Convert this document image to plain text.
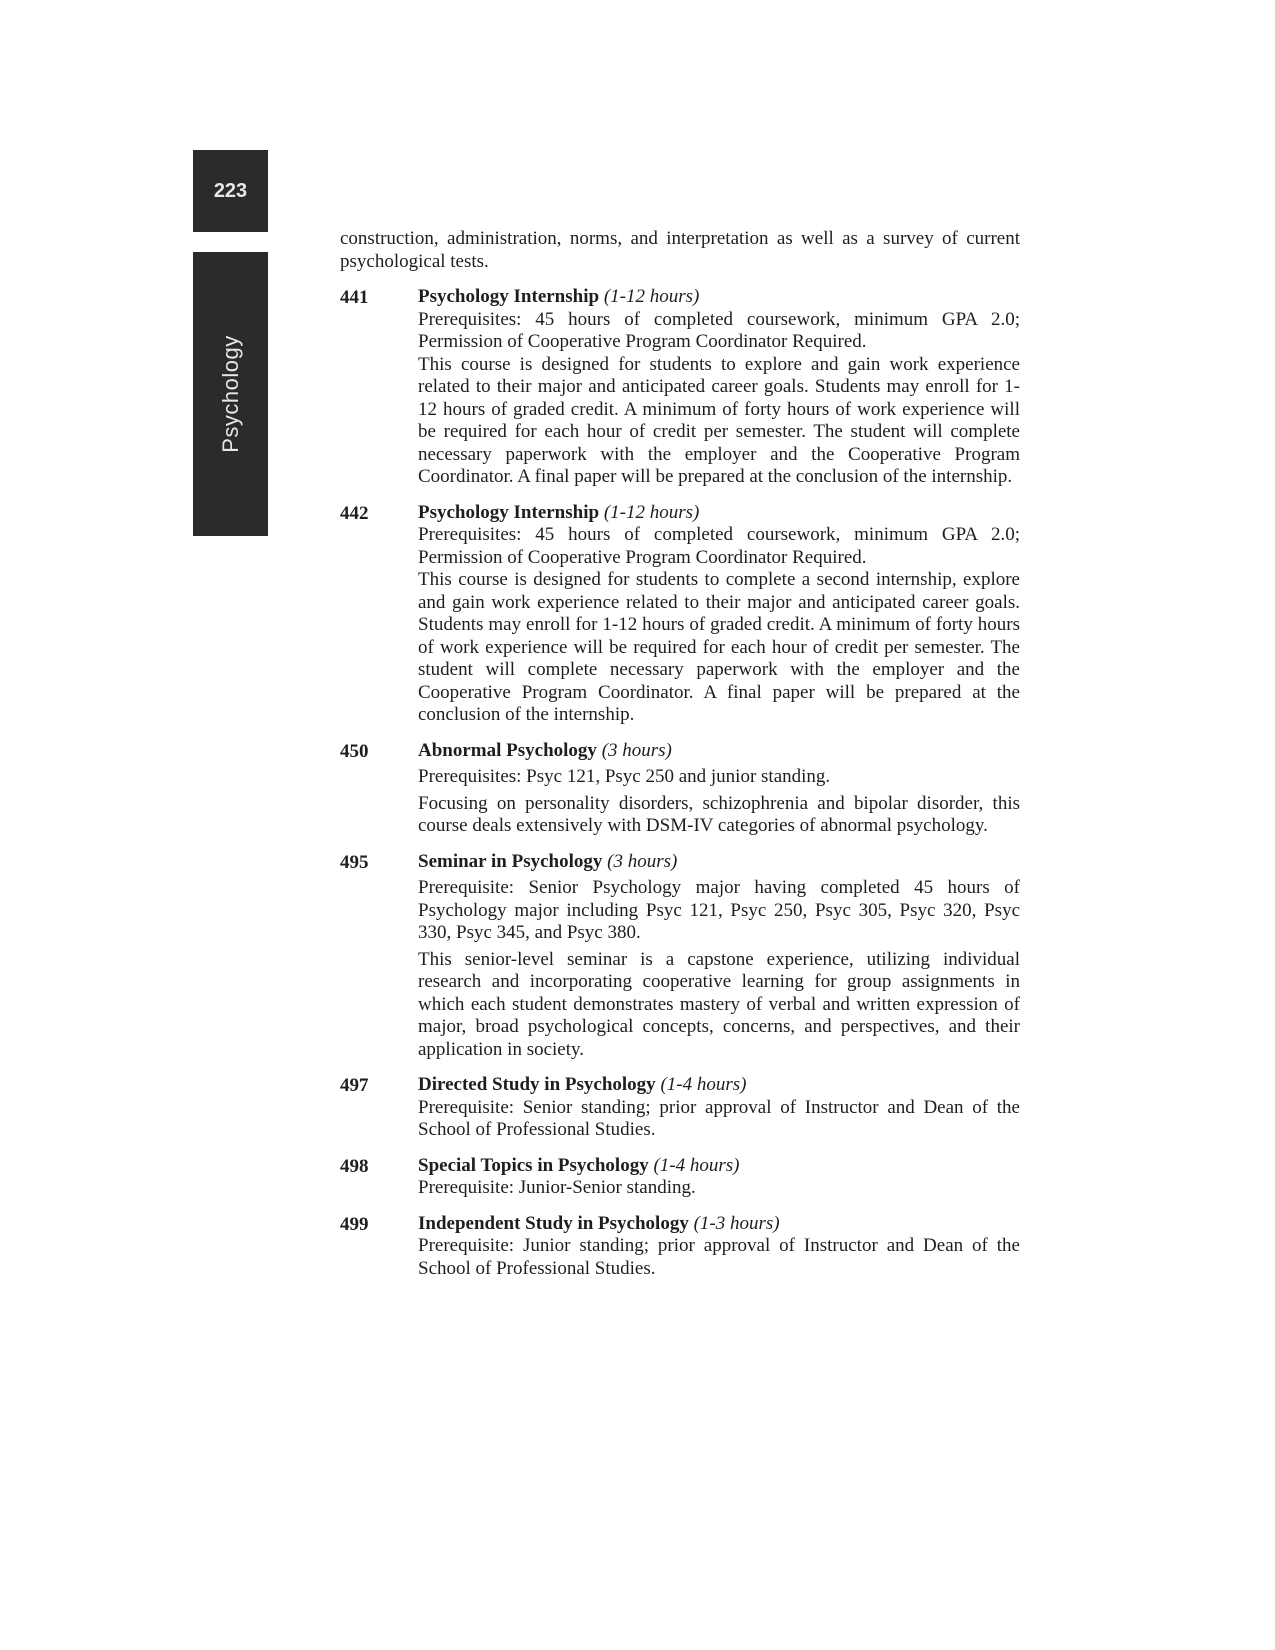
223
Psychology

construction, administration, norms, and interpretation as well as a survey of current psychological tests.

441	Psychology Internship (1-12 hours)

Prerequisites: 45 hours of completed coursework, minimum GPA 2.0; Permission of Cooperative Program Coordinator Required.

This course is designed for students to explore and gain work experience related to their major and anticipated career goals. Students may enroll for 1-12 hours of graded credit. A minimum of forty hours of work experience will be required for each hour of credit per semester. The student will complete necessary paperwork with the employer and the Cooperative Program Coordinator. A final paper will be prepared at the conclusion of the internship.

442	Psychology Internship (1-12 hours)

Prerequisites: 45 hours of completed coursework, minimum GPA 2.0; Permission of Cooperative Program Coordinator Required.

This course is designed for students to complete a second internship, explore and gain work experience related to their major and anticipated career goals. Students may enroll for 1-12 hours of graded credit. A minimum of forty hours of work experience will be required for each hour of credit per semester. The student will complete necessary paperwork with the employer and the Cooperative Program Coordinator. A final paper will be prepared at the conclusion of the internship.

450	Abnormal Psychology (3 hours)

Prerequisites: Psyc 121, Psyc 250 and junior standing.

Focusing on personality disorders, schizophrenia and bipolar disorder, this course deals extensively with DSM-IV categories of abnormal psychology.

495	Seminar in Psychology (3 hours)

Prerequisite: Senior Psychology major having completed 45 hours of Psychology major including Psyc 121, Psyc 250, Psyc 305, Psyc 320, Psyc 330, Psyc 345, and Psyc 380.

This senior-level seminar is a capstone experience, utilizing individual research and incorporating cooperative learning for group assignments in which each student demonstrates mastery of verbal and written expression of major, broad psychological concepts, concerns, and perspectives, and their application in society.

497	Directed Study in Psychology (1-4 hours)

Prerequisite: Senior standing; prior approval of Instructor and Dean of the School of Professional Studies.

498	Special Topics in Psychology (1-4 hours)

Prerequisite: Junior-Senior standing.

499	Independent Study in Psychology (1-3 hours)

Prerequisite: Junior standing; prior approval of Instructor and Dean of the School of Professional Studies.
